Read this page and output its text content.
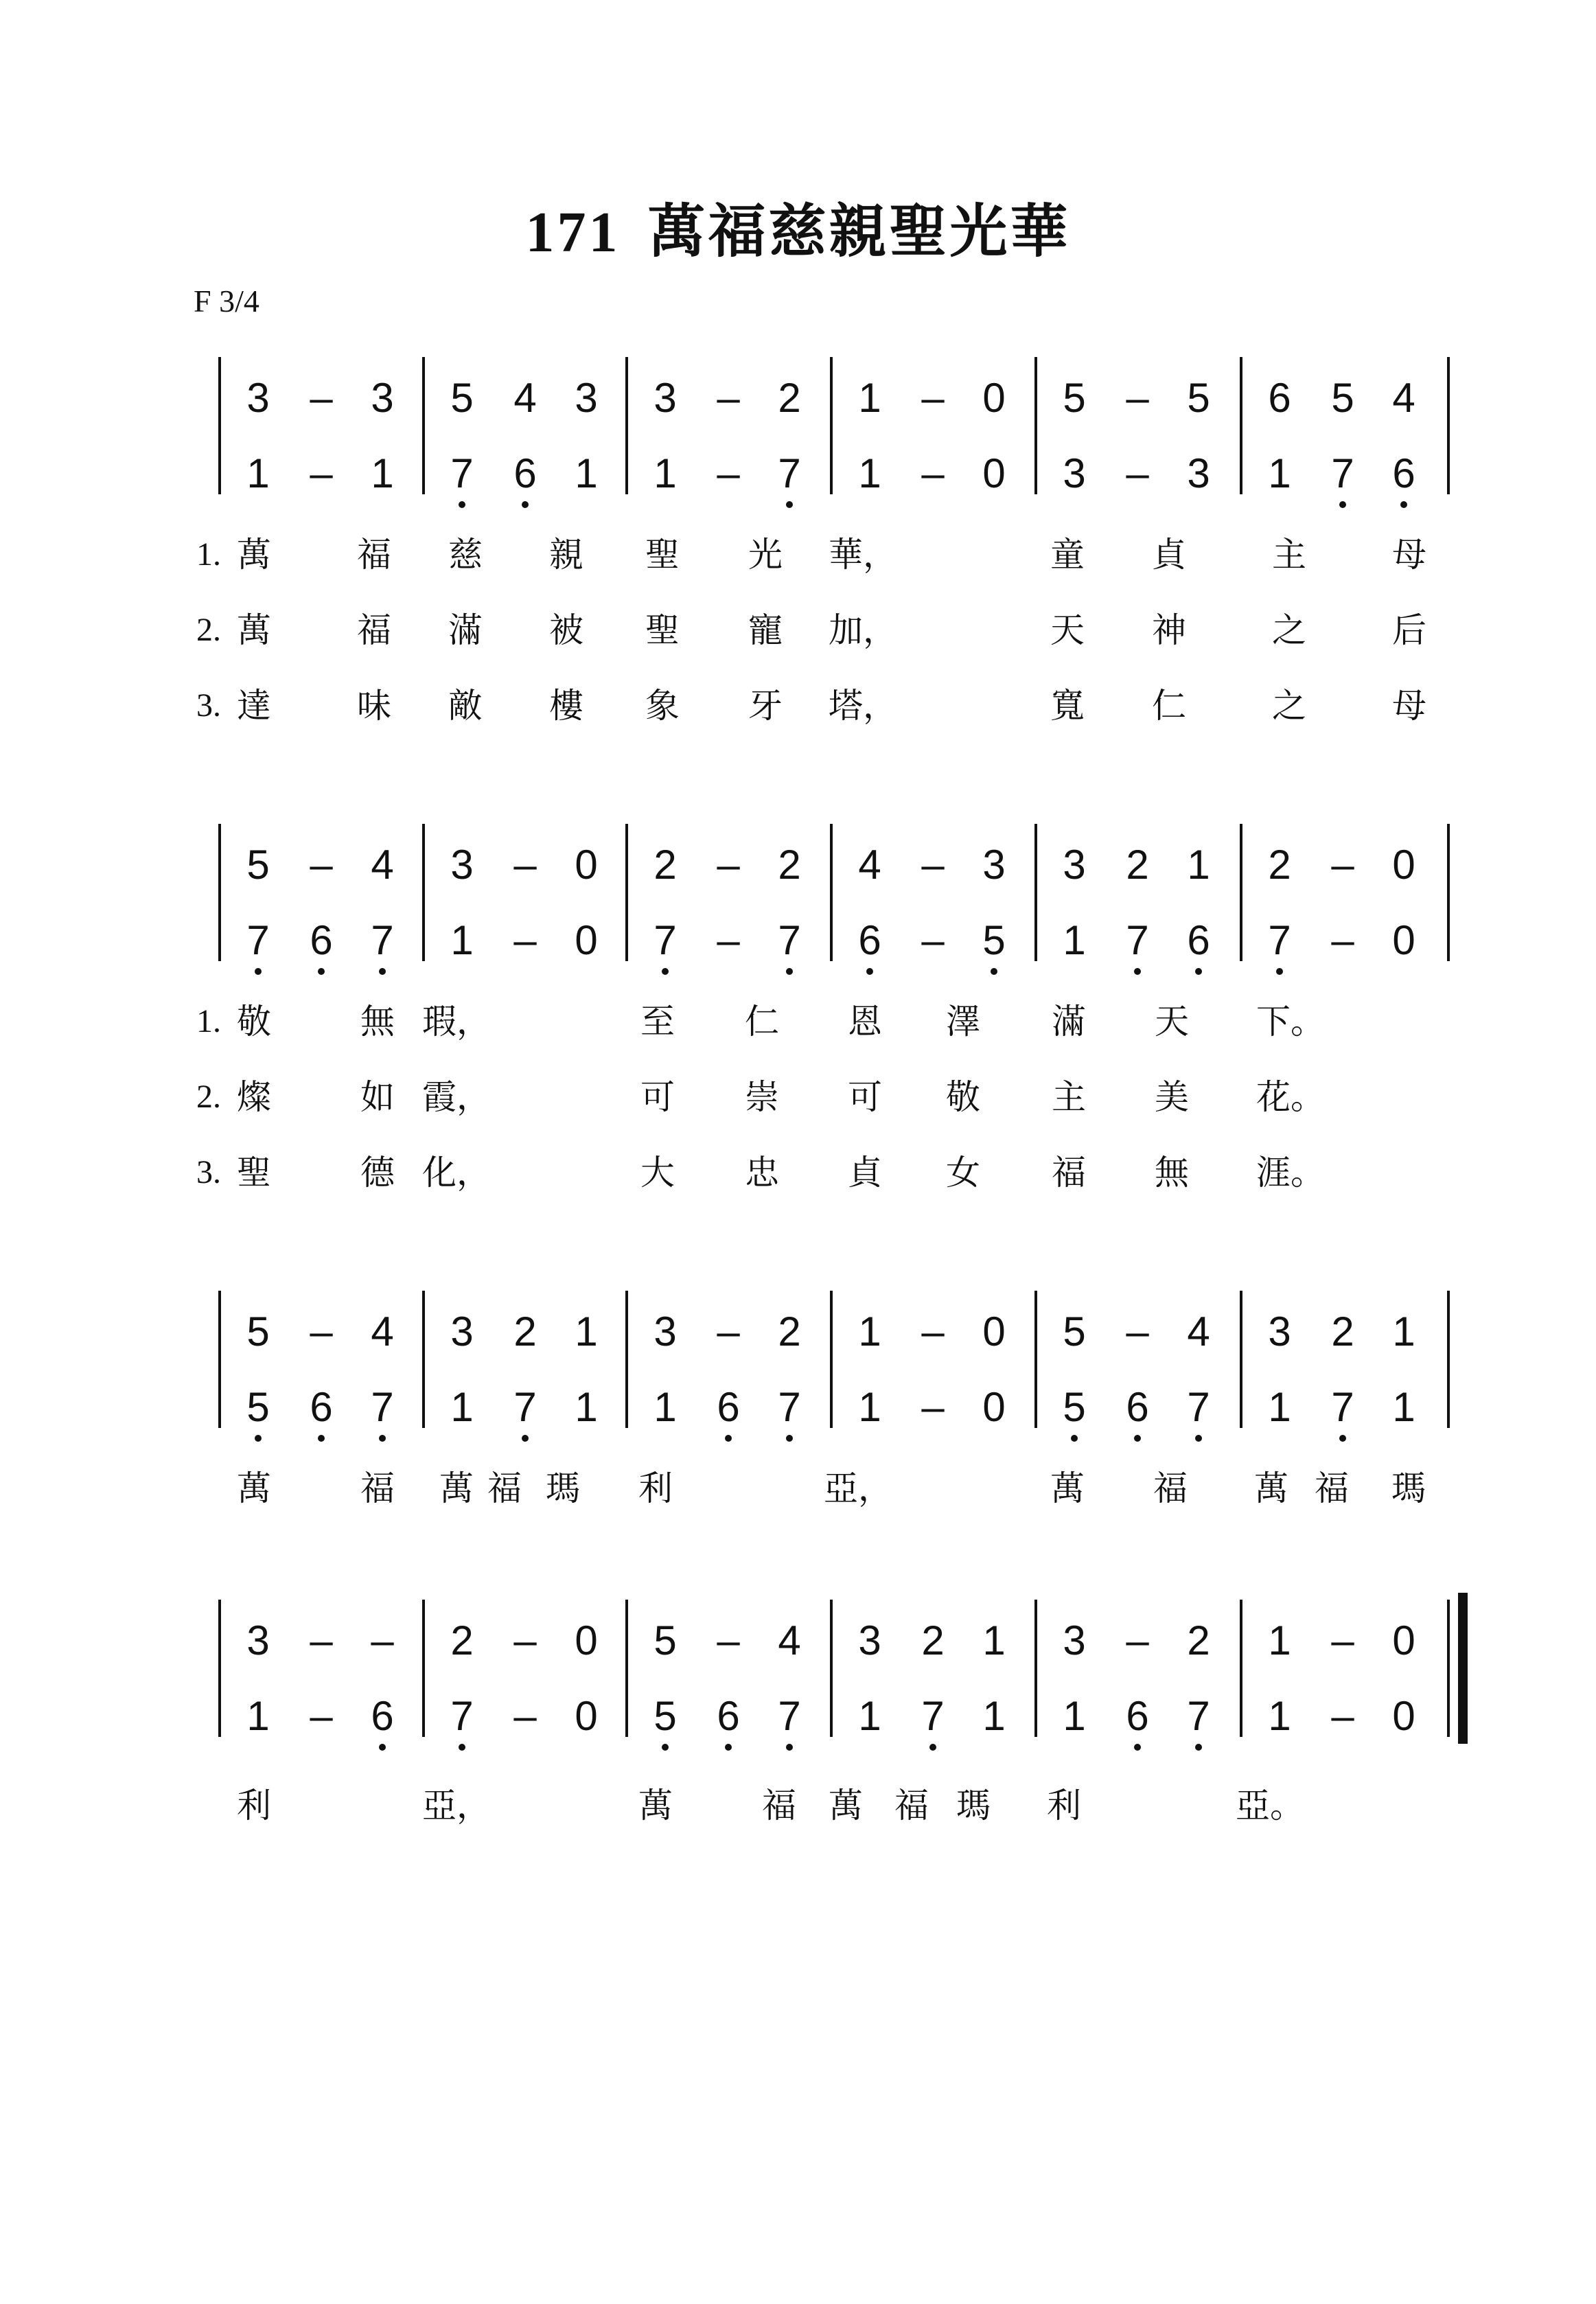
171 萬福慈親聖光華
F 3/4
3 – 3 5 4 3 3 – 2 1 – 0 5 – 5 6 5 4
1 – 1 7 6 1 1 – 7 1 – 0 3 – 3 1 7 6
1. 萬	福	慈	親	聖	光	華，	童	貞	主	母
2. 萬	福	滿	被	聖	寵	加，	天	神	之	后
3. 達	味	敵	樓	象	牙	塔，	寬	仁	之	母
5 – 4 3 – 0 2 – 2 4 – 3 3 2 1 2 – 0
7 6 7 1 – 0 7 – 7 6 – 5 1 7 6 7 – 0
1. 敬	無 瑕，	至	仁	恩	澤	滿	天	下。
2. 燦	如 霞，	可	崇	可	敬	主	美	花。
3. 聖	德 化，	大	忠	貞	女	福	無	涯。
5 – 4 3 2 1 3 – 2 1 – 0 5 – 4 3 2 1
5 6 7 1 7 1 1 6 7 1 – 0 5 6 7 1 7 1
萬	福	萬 福 瑪	利	亞，	萬	福	萬 福	瑪
3 – – 2 – 0 5 – 4 3 2 1 3 – 2 1 – 0
1 – 6 7 – 0 5 6 7 1 7 1 1 6 7 1 – 0
利	亞，	萬	福 萬 福 瑪	利	亞。
